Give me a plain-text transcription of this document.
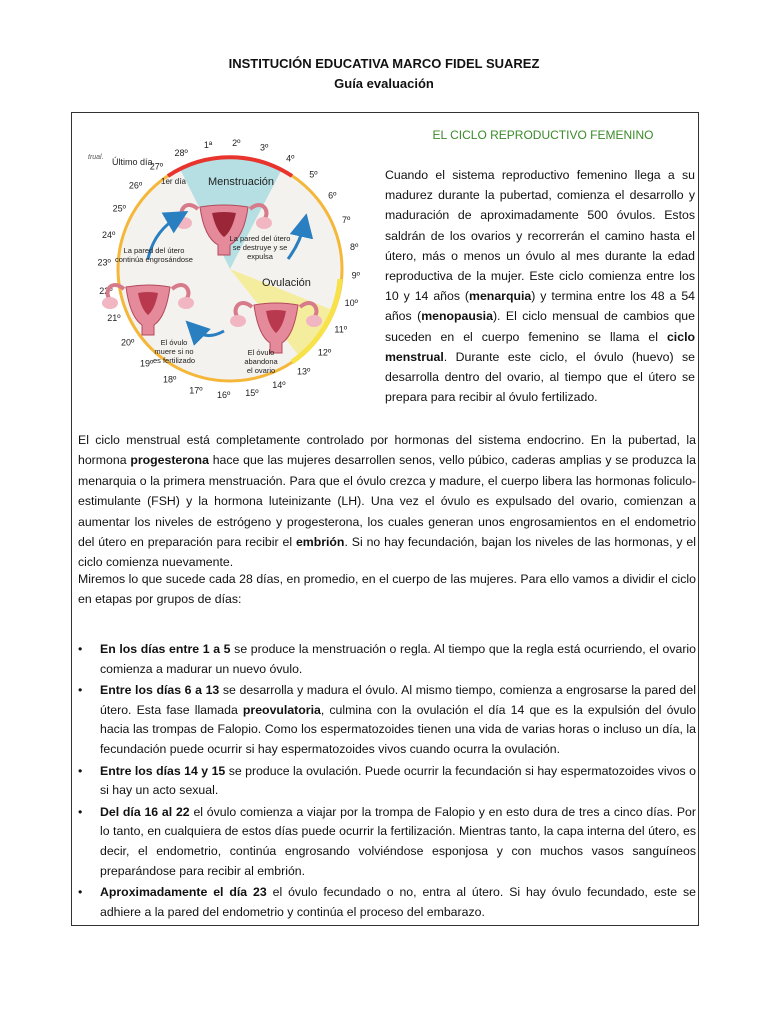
INSTITUCIÓN EDUCATIVA MARCO FIDEL SUAREZ
Guía evaluación
1ª 2º 3º
4º
5º
6º
7º
8º
9º
10º
11º
12º
13º
14º
15º
16º
17º
18º
19º
20º
21º
22º
23º
24º
25º
26º
27º
28º
trual. Último día
1er día Menstruación
Ovulación
La pared del útero
se destruye y se
expulsa
La pared del útero
continúa engrosándose
El óvulo
abandona
el ovario
El óvulo
muere si no
es fertilizado
EL CICLO REPRODUCTIVO FEMENINO

Cuando el sistema reproductivo femenino llega a su madurez durante la pubertad, comienza el desarrollo y maduración de aproximadamente 500 óvulos. Estos saldrán de los ovarios y recorrerán el camino hasta el útero, más o menos un óvulo al mes durante la edad reproductiva de la mujer. Este ciclo comienza entre los 10 y 14 años (menarquia) y termina entre los 48 a 54 años (menopausia). El ciclo mensual de cambios que suceden en el cuerpo femenino se llama el ciclo menstrual. Durante este ciclo, el óvulo (huevo) se desarrolla dentro del ovario, al tiempo que el útero se prepara para recibir al óvulo fertilizado.

El ciclo menstrual está completamente controlado por hormonas del sistema endocrino. En la pubertad, la hormona progesterona hace que las mujeres desarrollen senos, vello púbico, caderas amplias y se produzca la menarquia o la primera menstruación. Para que el óvulo crezca y madure, el cuerpo libera las hormonas foliculo-estimulante (FSH) y la hormona luteinizante (LH). Una vez el óvulo es expulsado del ovario, comienzan a aumentar los niveles de estrógeno y progesterona, los cuales generan unos engrosamientos en el endometrio del útero en preparación para recibir el embrión. Si no hay fecundación, bajan los niveles de las hormonas, y el ciclo comienza nuevamente.

Miremos lo que sucede cada 28 días, en promedio, en el cuerpo de las mujeres. Para ello vamos a dividir el ciclo en etapas por grupos de días:

• En los días entre 1 a 5 se produce la menstruación o regla. Al tiempo que la regla está ocurriendo, el ovario comienza a madurar un nuevo óvulo.
• Entre los días 6 a 13 se desarrolla y madura el óvulo. Al mismo tiempo, comienza a engrosarse la pared del útero. Esta fase llamada preovulatoria, culmina con la ovulación el día 14 que es la expulsión del óvulo hacia las trompas de Falopio. Como los espermatozoides tienen una vida de varias horas o incluso un día, la fecundación puede ocurrir si hay espermatozoides vivos cuando ocurra la ovulación.
• Entre los días 14 y 15 se produce la ovulación. Puede ocurrir la fecundación si hay espermatozoides vivos o si hay un acto sexual.
• Del día 16 al 22 el óvulo comienza a viajar por la trompa de Falopio y en esto dura de tres a cinco días. Por lo tanto, en cualquiera de estos días puede ocurrir la fertilización. Mientras tanto, la capa interna del útero, es decir, el endometrio, continúa engrosando volviéndose esponjosa y con muchos vasos sanguíneos preparándose para recibir al embrión.
• Aproximadamente el día 23 el óvulo fecundado o no, entra al útero. Si hay óvulo fecundado, este se adhiere a la pared del endometrio y continúa el proceso del embarazo.
